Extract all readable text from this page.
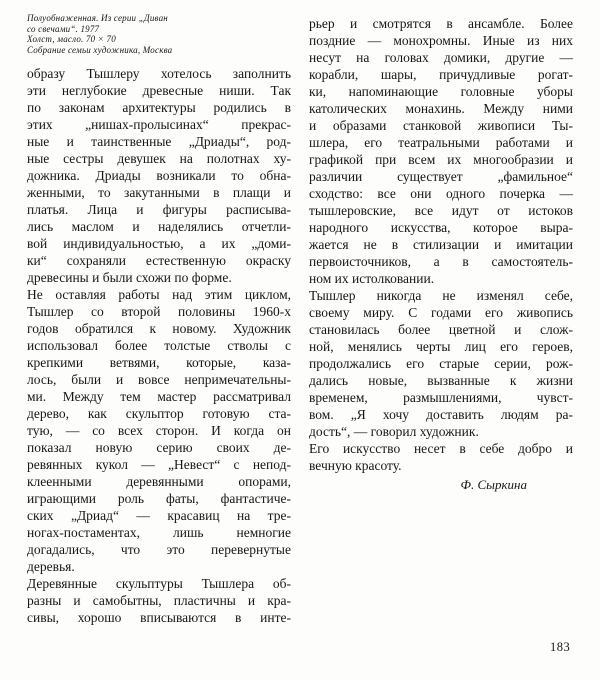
Полуобнаженная. Из серии „Диван
со свечами“. 1977
Холст, масло. 70 × 70
Собрание семьи художника, Москва
образу Тышлеру хотелось заполнить
эти неглубокие древесные ниши. Так
по законам архитектуры родились в
этих „нишах-пролысинах“ прекрас-
ные и таинственные „Дриады“, род-
ные сестры девушек на полотнах ху-
дожника. Дриады возникали то обна-
женными, то закутанными в плащи и
платья. Лица и фигуры расписыва-
лись маслом и наделялись отчетли-
вой индивидуальностью, а их „доми-
ки“ сохраняли естественную окраску
древесины и были схожи по форме.
Не оставляя работы над этим циклом,
Тышлер со второй половины 1960-х
годов обратился к новому. Художник
использовал более толстые стволы с
крепкими ветвями, которые, каза-
лось, были и вовсе непримечательны-
ми. Между тем мастер рассматривал
дерево, как скульптор готовую ста-
тую, — со всех сторон. И когда он
показал новую серию своих де-
ревянных кукол — „Невест“ с непод-
клеенными деревянными опорами,
играющими роль фаты, фантастиче-
ских „Дриад“ — красавиц на тре-
ногах-постаментах, лишь немногие
догадались, что это перевернутые
деревья.
Деревянные скульптуры Тышлера об-
разны и самобытны, пластичны и кра-
сивы, хорошо вписываются в инте-
рьер и смотрятся в ансамбле. Более
поздние — монохромны. Иные из них
несут на головах домики, другие —
корабли, шары, причудливые рогат-
ки, напоминающие головные уборы
католических монахинь. Между ними
и образами станковой живописи Ты-
шлера, его театральными работами и
графикой при всем их многообразии и
различии существует „фамильное“
сходство: все они одного почерка —
тышлеровские, все идут от истоков
народного искусства, которое выра-
жается не в стилизации и имитации
первоисточников, а в самостоятель-
ном их истолковании.
Тышлер никогда не изменял себе,
своему миру. С годами его живопись
становилась более цветной и слож-
ной, менялись черты лиц его героев,
продолжались его старые серии, рож-
дались новые, вызванные к жизни
временем, размышлениями, чувст-
вом. „Я хочу доставить людям ра-
дость“, — говорил художник.
Его искусство несет в себе добро и
вечную красоту.
Ф. Сыркина
183
